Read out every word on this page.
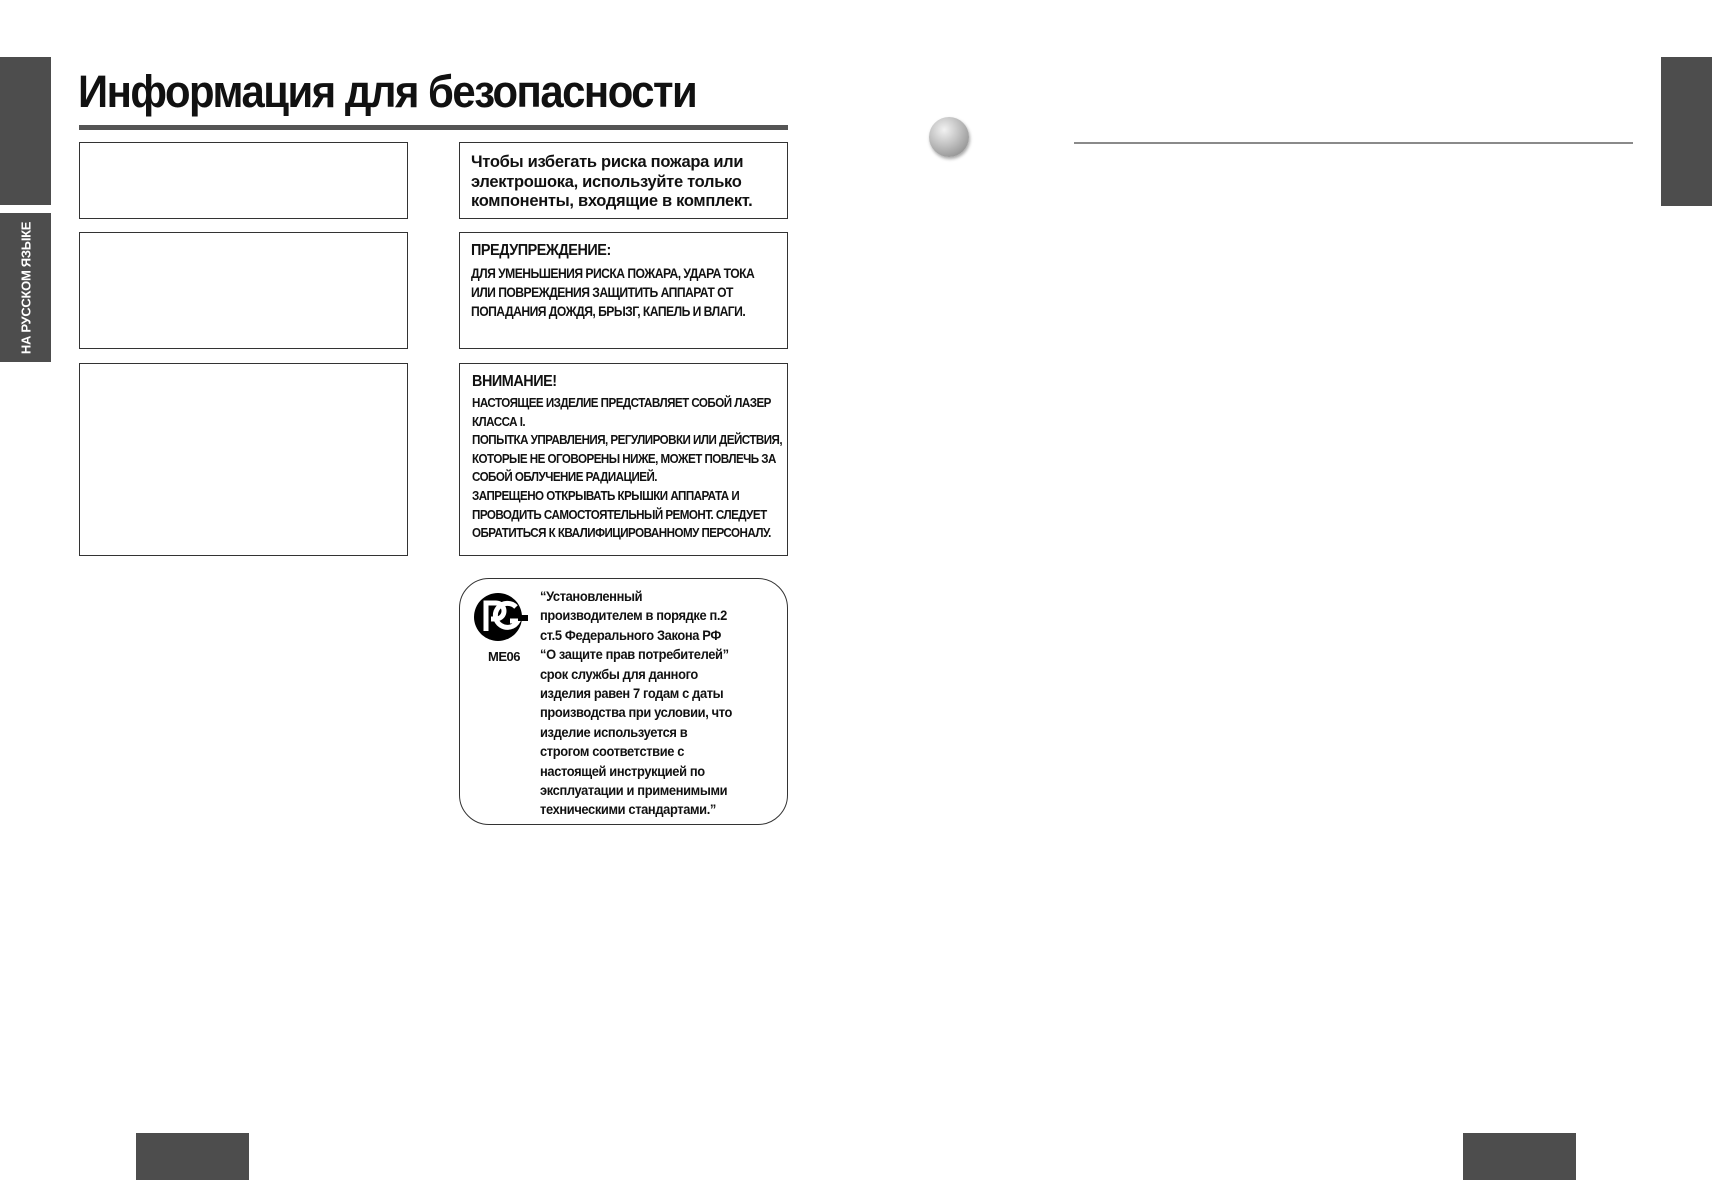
НА РУССКОМ ЯЗЫКЕ
Информация для безопасности
Чтобы избегать риска пожара или
электрошока, используйте только
компоненты, входящие в комплект.
ПРЕДУПРЕЖДЕНИЕ:
ДЛЯ УМЕНЬШЕНИЯ РИСКА ПОЖАРА, УДАРА ТОКА
ИЛИ ПОВРЕЖДЕНИЯ ЗАЩИТИТЬ АППАРАТ ОТ
ПОПАДАНИЯ ДОЖДЯ, БРЫЗГ, КАПЕЛЬ И ВЛАГИ.
ВНИМАНИЕ!
НАСТОЯЩЕЕ ИЗДЕЛИЕ ПРЕДСТАВЛЯЕТ СОБОЙ ЛАЗЕР
КЛАССА I.
ПОПЫТКА УПРАВЛЕНИЯ, РЕГУЛИРОВКИ ИЛИ ДЕЙСТВИЯ,
КОТОРЫЕ НЕ ОГОВОРЕНЫ НИЖЕ, МОЖЕТ ПОВЛЕЧЬ ЗА
СОБОЙ ОБЛУЧЕНИЕ РАДИАЦИЕЙ.
ЗАПРЕЩЕНО ОТКРЫВАТЬ КРЫШКИ АППАРАТА И
ПРОВОДИТЬ САМОСТОЯТЕЛЬНЫЙ РЕМОНТ. СЛЕДУЕТ
ОБРАТИТЬСЯ К КВАЛИФИЦИРОВАННОМУ ПЕРСОНАЛУ.
ME06
“Установленный
производителем в порядке п.2
ст.5 Федерального Закона РФ
“О защите прав потребителей”
срок службы для данного
изделия равен 7 годам с даты
производства при условии, что
изделие используется в
строгом соответствие с
настоящей инструкцией по
эксплуатации и применимыми
техническими стандартами.”
